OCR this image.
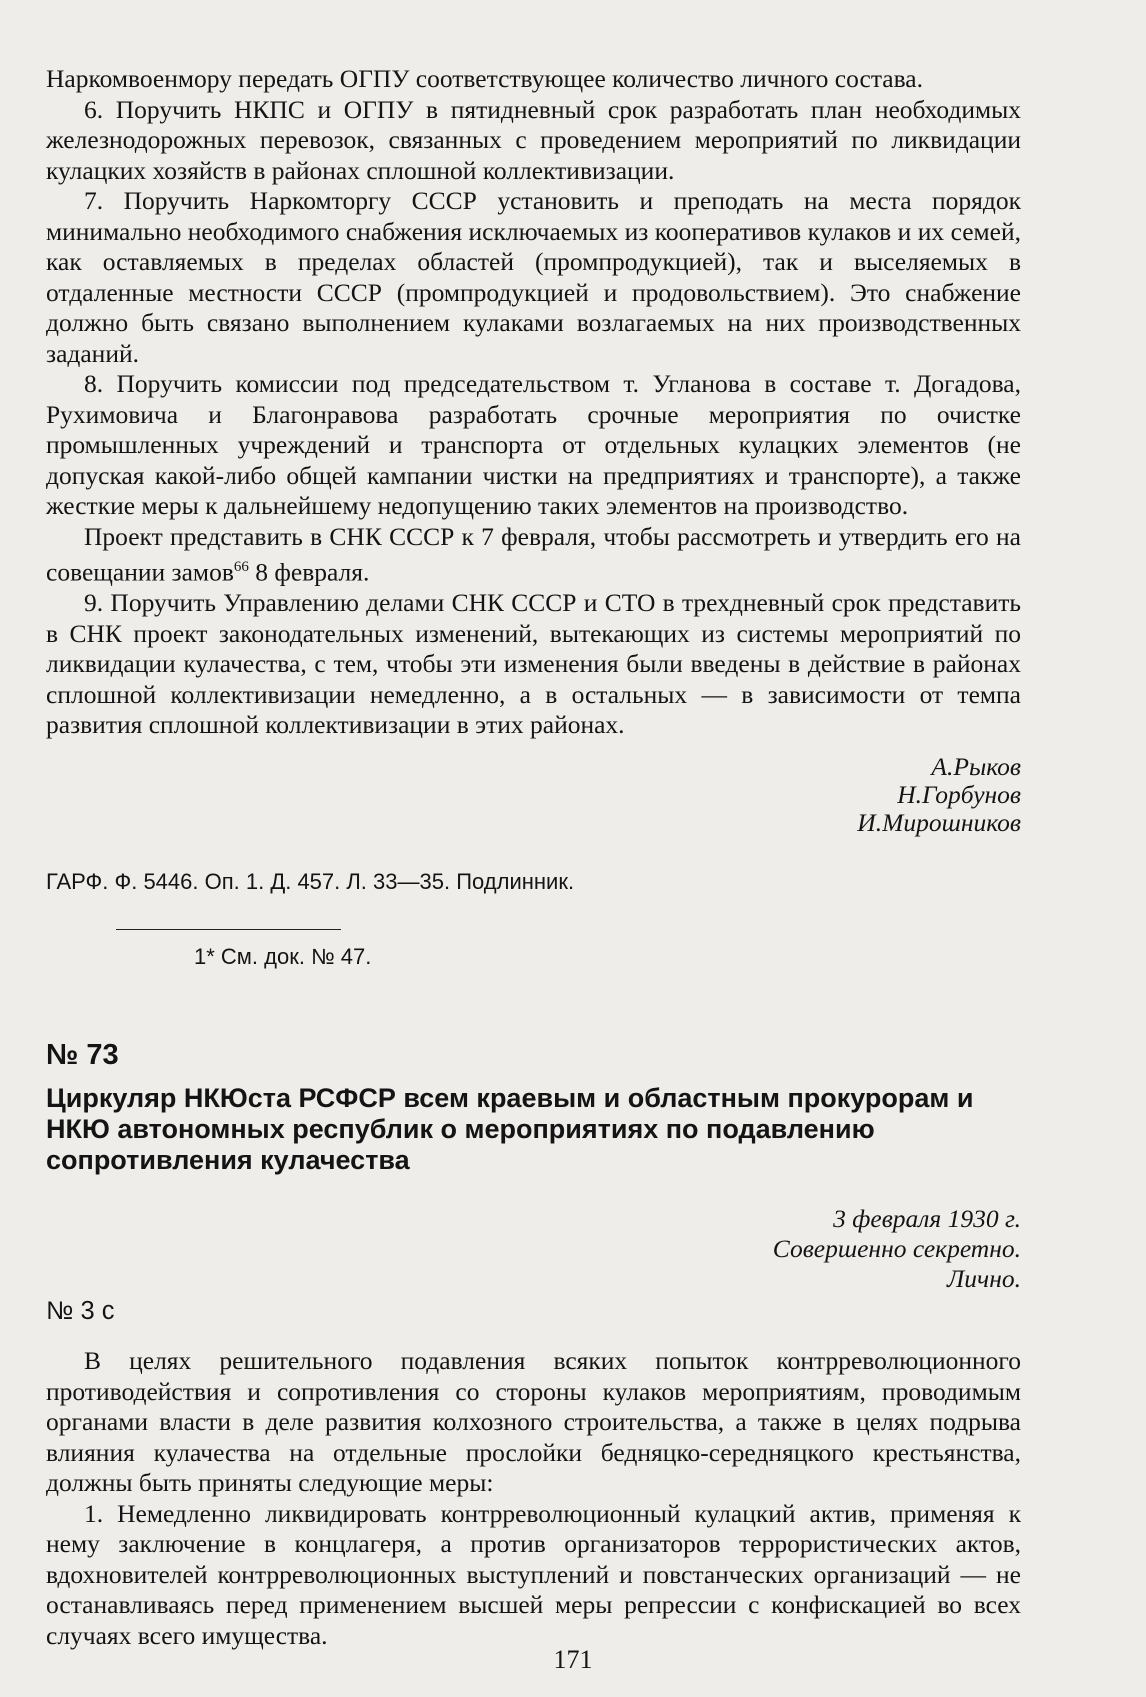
Наркомвоенмору передать ОГПУ соответствующее количество личного состава.

6. Поручить НКПС и ОГПУ в пятидневный срок разработать план необходимых железнодорожных перевозок, связанных с проведением мероприятий по ликвидации кулацких хозяйств в районах сплошной коллективизации.

7. Поручить Наркомторгу СССР установить и преподать на места порядок минимально необходимого снабжения исключаемых из кооперативов кулаков и их семей, как оставляемых в пределах областей (промпродукцией), так и выселяемых в отдаленные местности СССР (промпродукцией и продовольствием). Это снабжение должно быть связано выполнением кулаками возлагаемых на них производственных заданий.

8. Поручить комиссии под председательством т. Угланова в составе т. Догадова, Рухимовича и Благонравова разработать срочные мероприятия по очистке промышленных учреждений и транспорта от отдельных кулацких элементов (не допуская какой-либо общей кампании чистки на предприятиях и транспорте), а также жесткие меры к дальнейшему недопущению таких элементов на производство.

Проект представить в СНК СССР к 7 февраля, чтобы рассмотреть и утвердить его на совещании замов$^{66}$ 8 февраля.

9. Поручить Управлению делами СНК СССР и СТО в трехдневный срок представить в СНК проект законодательных изменений, вытекающих из системы мероприятий по ликвидации кулачества, с тем, чтобы эти изменения были введены в действие в районах сплошной коллективизации немедленно, а в остальных — в зависимости от темпа развития сплошной коллективизации в этих районах.

А.Рыков

Н.Горбунов

И.Мирошников

ГАРФ. Ф. 5446. Оп. 1. Д. 457. Л. 33—35. Подлинник.

1* См. док. № 47.

№ 73
Циркуляр НКЮста РСФСР всем краевым и областным прокурорам и НКЮ автономных республик о мероприятиях по подавлению сопротивления кулачества
3 февраля 1930 г.
Совершенно секретно.
Лично.

№ 3 с

В целях решительного подавления всяких попыток контрреволюционного противодействия и сопротивления со стороны кулаков мероприятиям, проводимым органами власти в деле развития колхозного строительства, а также в целях подрыва влияния кулачества на отдельные прослойки бедняцко-середняцкого крестьянства, должны быть приняты следующие меры:

1. Немедленно ликвидировать контрреволюционный кулацкий актив, применяя к нему заключение в концлагеря, а против организаторов террористических актов, вдохновителей контрреволюционных выступлений и повстанческих организаций — не останавливаясь перед применением высшей меры репрессии с конфискацией во всех случаях всего имущества.

171
